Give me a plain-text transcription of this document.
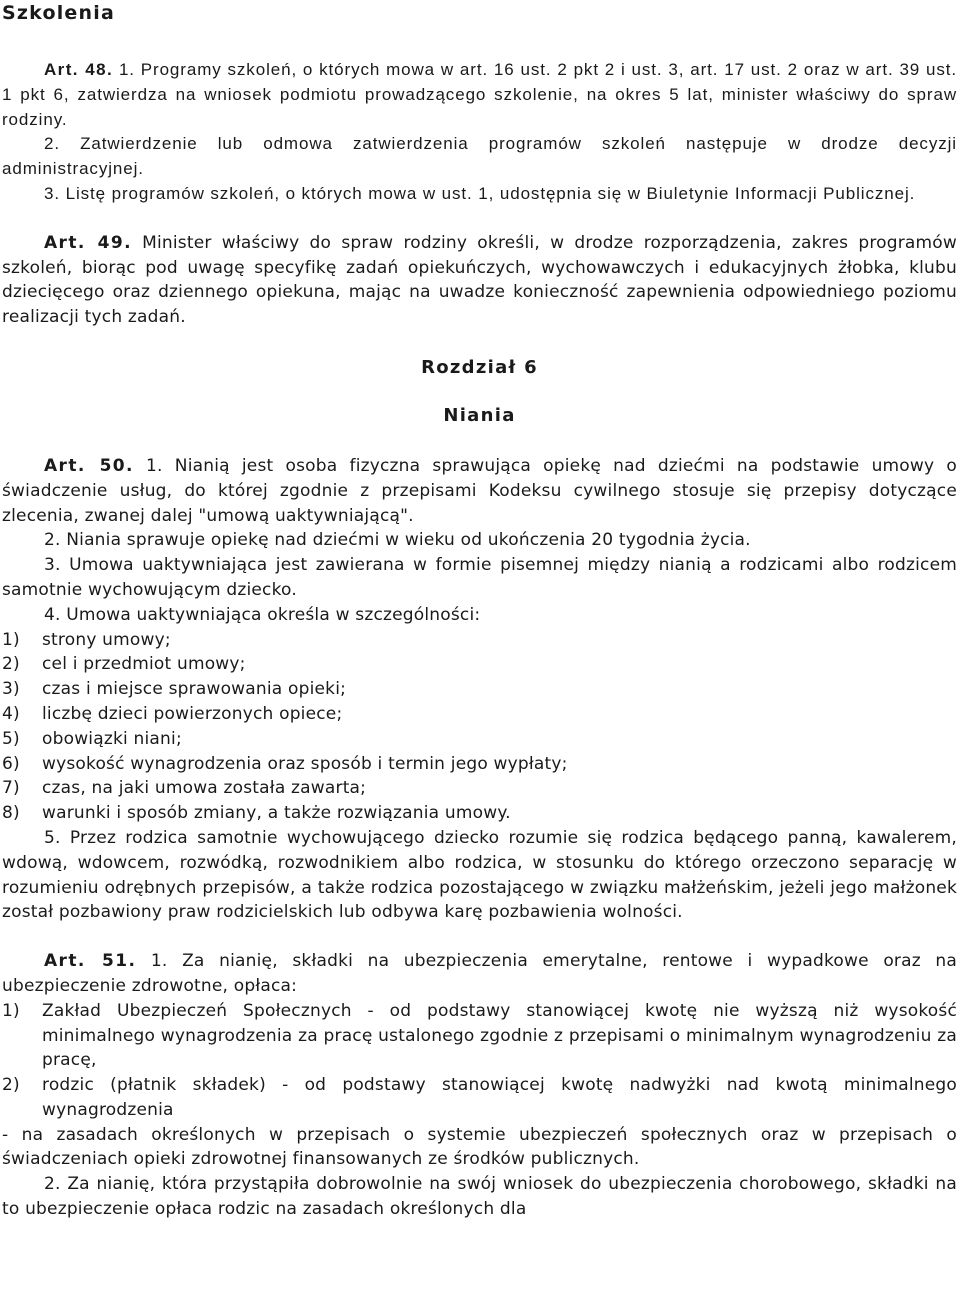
Szkolenia

Art. 48. 1. Programy szkoleń, o których mowa w art. 16 ust. 2 pkt 2 i ust. 3, art. 17 ust. 2 oraz w art. 39 ust. 1 pkt 6, zatwierdza na wniosek podmiotu prowadzącego szkolenie, na okres 5 lat, minister właściwy do spraw rodziny.

2. Zatwierdzenie lub odmowa zatwierdzenia programów szkoleń następuje w drodze decyzji administracyjnej.

3. Listę programów szkoleń, o których mowa w ust. 1, udostępnia się w Biuletynie Informacji Publicznej.

Art. 49. Minister właściwy do spraw rodziny określi, w drodze rozporządzenia, zakres programów szkoleń, biorąc pod uwagę specyfikę zadań opiekuńczych, wychowawczych i edukacyjnych żłobka, klubu dziecięcego oraz dziennego opiekuna, mając na uwadze konieczność zapewnienia odpowiedniego poziomu realizacji tych zadań.

Rozdział 6
Niania

Art. 50. 1. Nianią jest osoba fizyczna sprawująca opiekę nad dziećmi na podstawie umowy o świadczenie usług, do której zgodnie z przepisami Kodeksu cywilnego stosuje się przepisy dotyczące zlecenia, zwanej dalej "umową uaktywniającą".

2. Niania sprawuje opiekę nad dziećmi w wieku od ukończenia 20 tygodnia życia.

3. Umowa uaktywniająca jest zawierana w formie pisemnej między nianią a rodzicami albo rodzicem samotnie wychowującym dziecko.

4. Umowa uaktywniająca określa w szczególności:

1) strony umowy;
2) cel i przedmiot umowy;
3) czas i miejsce sprawowania opieki;
4) liczbę dzieci powierzonych opiece;
5) obowiązki niani;
6) wysokość wynagrodzenia oraz sposób i termin jego wypłaty;
7) czas, na jaki umowa została zawarta;
8) warunki i sposób zmiany, a także rozwiązania umowy.

5. Przez rodzica samotnie wychowującego dziecko rozumie się rodzica będącego panną, kawalerem, wdową, wdowcem, rozwódką, rozwodnikiem albo rodzica, w stosunku do którego orzeczono separację w rozumieniu odrębnych przepisów, a także rodzica pozostającego w związku małżeńskim, jeżeli jego małżonek został pozbawiony praw rodzicielskich lub odbywa karę pozbawienia wolności.

Art. 51. 1. Za nianię, składki na ubezpieczenia emerytalne, rentowe i wypadkowe oraz na ubezpieczenie zdrowotne, opłaca:

1) Zakład Ubezpieczeń Społecznych - od podstawy stanowiącej kwotę nie wyższą niż wysokość minimalnego wynagrodzenia za pracę ustalonego zgodnie z przepisami o minimalnym wynagrodzeniu za pracę,
2) rodzic (płatnik składek) - od podstawy stanowiącej kwotę nadwyżki nad kwotą minimalnego wynagrodzenia

- na zasadach określonych w przepisach o systemie ubezpieczeń społecznych oraz w przepisach o świadczeniach opieki zdrowotnej finansowanych ze środków publicznych.

2. Za nianię, która przystąpiła dobrowolnie na swój wniosek do ubezpieczenia chorobowego, składki na to ubezpieczenie opłaca rodzic na zasadach określonych dla
